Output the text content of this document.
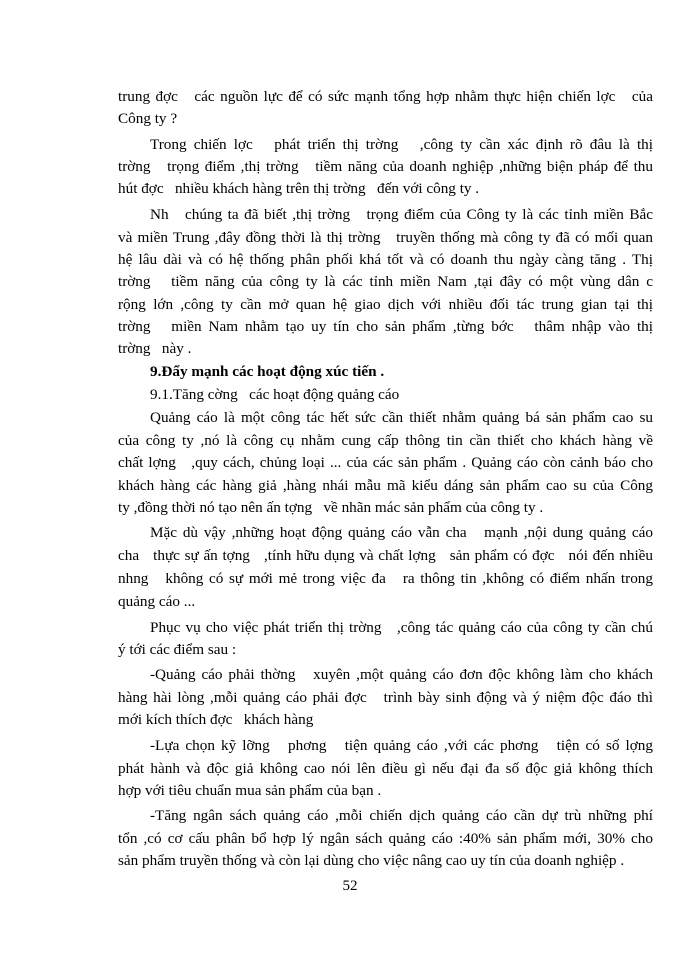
trung đợc   các nguồn lực để có sức mạnh tổng hợp nhằm thực hiện chiến lợc   của
Công ty ?
Trong chiến lợc   phát triển thị trờng   ,công ty cần xác định rõ đâu là thị
trờng   trọng điểm ,thị trờng   tiềm năng của doanh nghiệp ,những biện pháp để thu
hút đợc   nhiều khách hàng trên thị trờng   đến với công ty .
Nh   chúng ta đã biết ,thị trờng   trọng điểm của Công ty là các tỉnh miền Bắc
và miền Trung ,đây đồng thời là thị trờng   truyền thống mà công ty đã có mối quan
hệ lâu dài và có hệ thống phân phối khá tốt và có doanh thu ngày càng tăng . Thị
trờng   tiềm năng của công ty là các tỉnh miền Nam ,tại đây có một vùng dân c
rộng lớn ,công ty cần mở quan hệ giao dịch với nhiều đối tác trung gian tại thị
trờng   miền Nam nhằm tạo uy tín cho sản phẩm ,từng bớc   thâm nhập vào thị
trờng   này .
9.Đẩy mạnh các hoạt động xúc tiến .
9.1.Tăng cờng   các hoạt động quảng cáo
Quảng cáo là một công tác hết sức cần thiết nhằm quảng bá sản phẩm cao su
của công ty ,nó là công cụ nhằm cung cấp thông tin cần thiết cho khách hàng về
chất lợng   ,quy cách, chủng loại ... của các sản phẩm . Quảng cáo còn cảnh báo cho
khách hàng các hàng giả ,hàng nhái mẫu mã kiểu dáng sản phẩm cao su của Công
ty ,đồng thời nó tạo nên ấn tợng   về nhãn mác sản phẩm của công ty .
Mặc dù vậy ,những hoạt động quảng cáo vẫn cha   mạnh ,nội dung quảng cáo
cha   thực sự ấn tợng   ,tính hữu dụng và chất lợng   sản phẩm có đợc   nói đến nhiều
nhng   không có sự mới mẻ trong việc đa   ra thông tin ,không có điểm nhấn trong
quảng cáo ...
Phục vụ cho việc phát triển thị trờng   ,công tác quảng cáo của công ty cần chú
ý tới các điểm sau :
-Quảng cáo phải thờng   xuyên ,một quảng cáo đơn độc không làm cho khách
hàng hài lòng ,mỗi quảng cáo phải đợc   trình bày sinh động và ý niệm độc đáo thì
mới kích thích đợc   khách hàng
-Lựa chọn kỹ lỡng   phơng   tiện quảng cáo ,với các phơng   tiện có số lợng
phát hành và độc giả không cao nói lên điều gì nếu đại đa số độc giả không thích
hợp với tiêu chuẩn mua sản phẩm của bạn .
-Tăng ngân sách quảng cáo ,mỗi chiến dịch quảng cáo cần dự trù những phí
tổn ,có cơ cấu phân bổ hợp lý ngân sách quảng cáo :40% sản phẩm mới, 30% cho
sản phẩm truyền thống và còn lại dùng cho việc nâng cao uy tín của doanh nghiệp .
52
